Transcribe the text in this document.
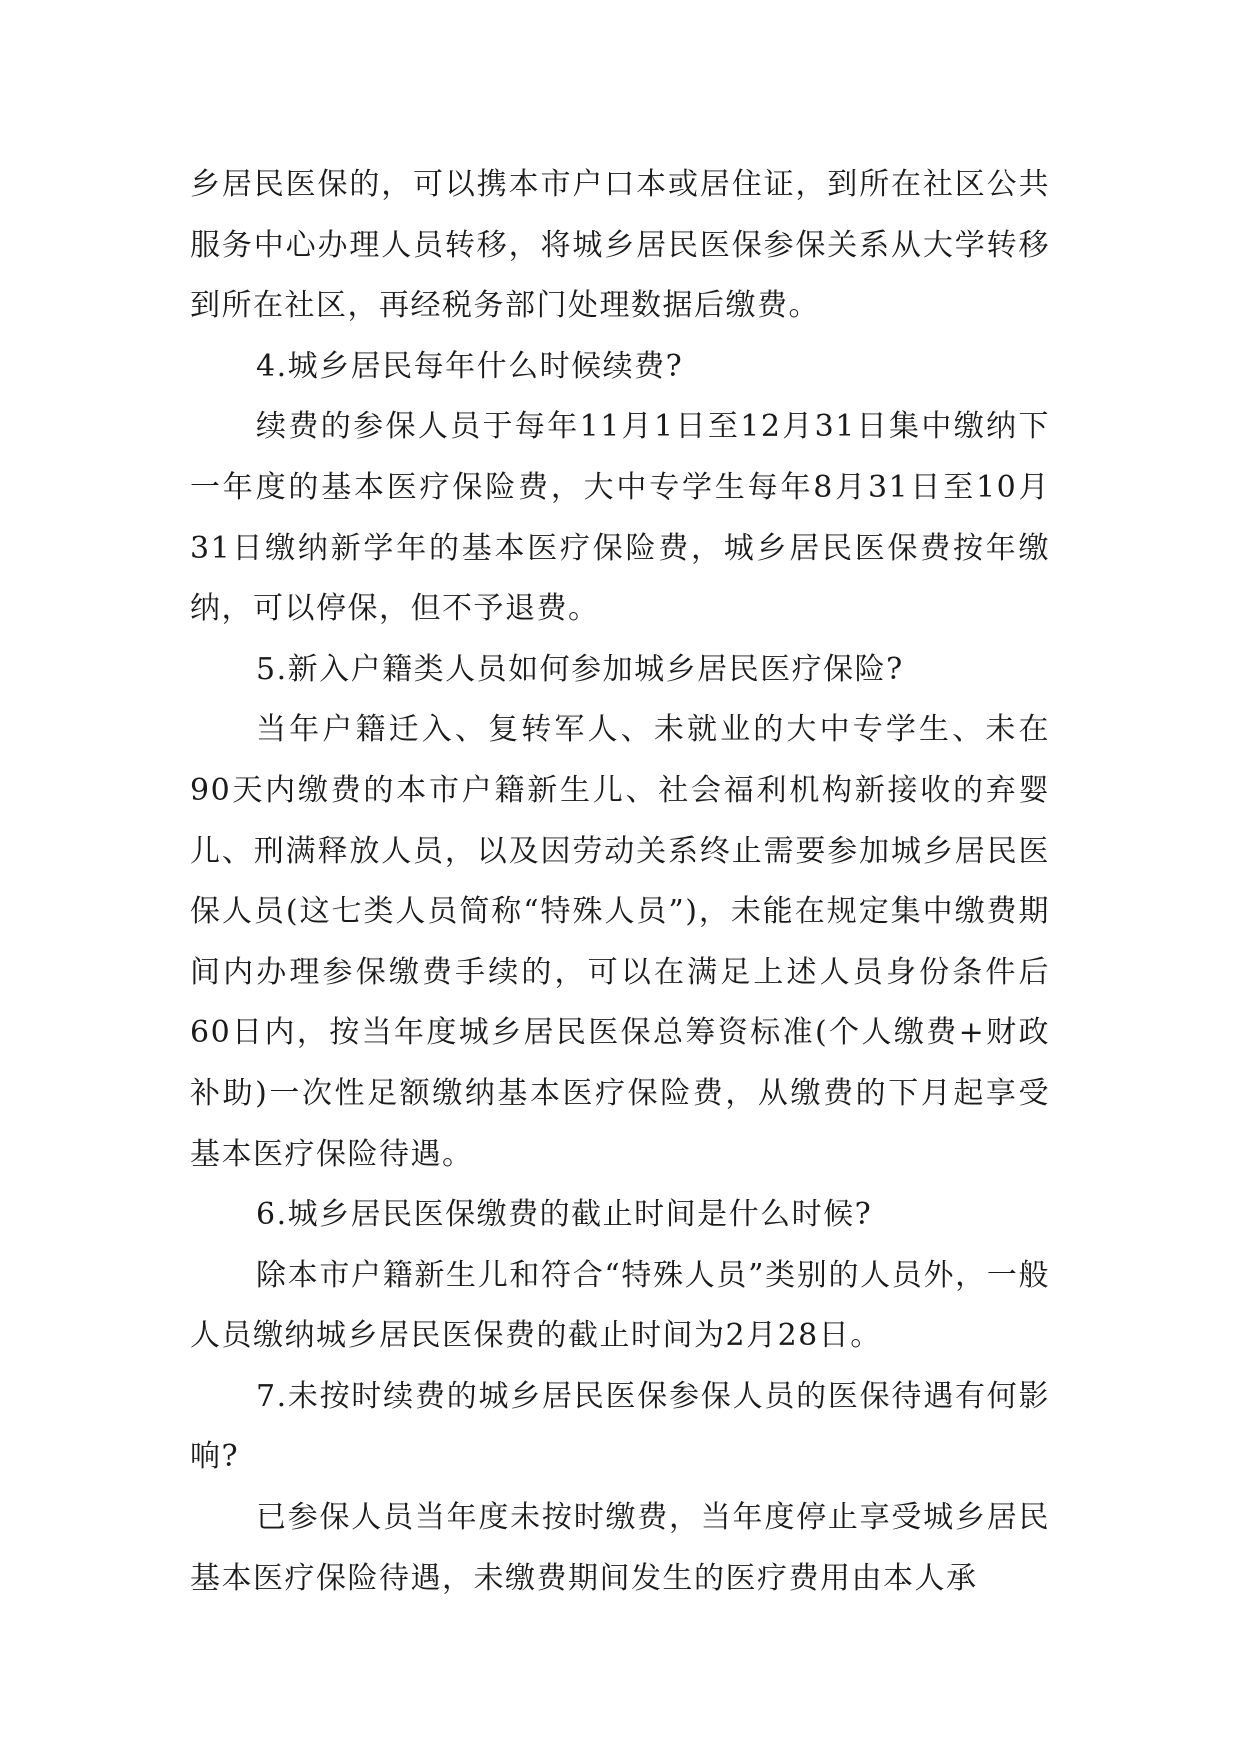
乡居民医保的，可以携本市户口本或居住证，到所在社区公共服务中心办理人员转移，将城乡居民医保参保关系从大学转移到所在社区，再经税务部门处理数据后缴费。

4.城乡居民每年什么时候续费?

续费的参保人员于每年11月1日至12月31日集中缴纳下一年度的基本医疗保险费，大中专学生每年8月31日至10月31日缴纳新学年的基本医疗保险费，城乡居民医保费按年缴纳，可以停保，但不予退费。

5.新入户籍类人员如何参加城乡居民医疗保险?

当年户籍迁入、复转军人、未就业的大中专学生、未在90天内缴费的本市户籍新生儿、社会福利机构新接收的弃婴儿、刑满释放人员，以及因劳动关系终止需要参加城乡居民医保人员(这七类人员简称“特殊人员”)，未能在规定集中缴费期间内办理参保缴费手续的，可以在满足上述人员身份条件后60日内，按当年度城乡居民医保总筹资标准(个人缴费+财政补助)一次性足额缴纳基本医疗保险费，从缴费的下月起享受基本医疗保险待遇。

6.城乡居民医保缴费的截止时间是什么时候?

除本市户籍新生儿和符合“特殊人员”类别的人员外，一般人员缴纳城乡居民医保费的截止时间为2月28日。

7.未按时续费的城乡居民医保参保人员的医保待遇有何影响?

已参保人员当年度未按时缴费，当年度停止享受城乡居民基本医疗保险待遇，未缴费期间发生的医疗费用由本人承
